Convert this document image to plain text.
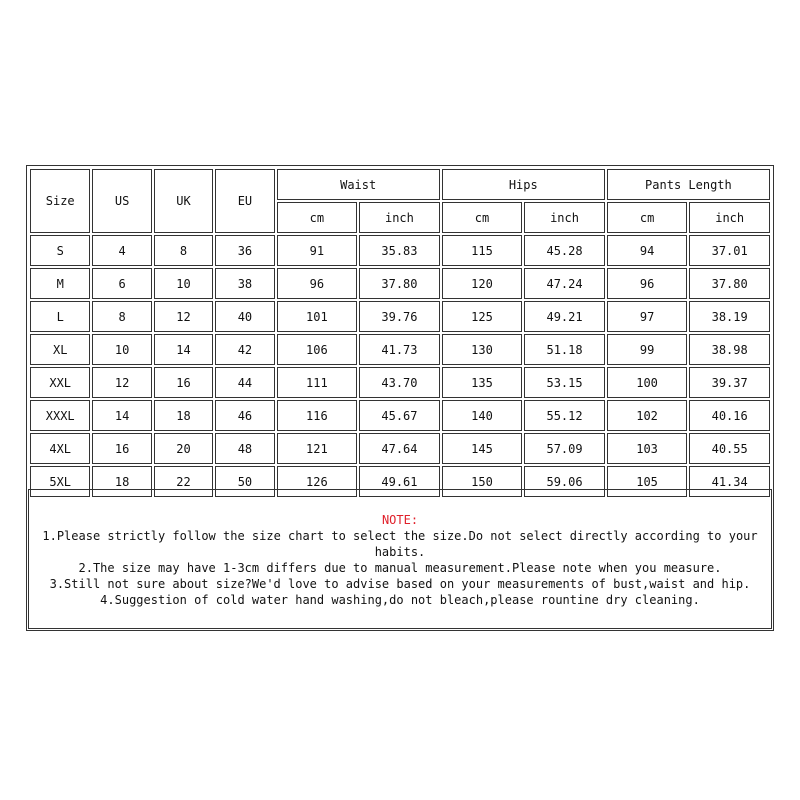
Size	US	UK	EU	Waist		Hips		Pants Length	
				cm	inch	cm	inch	cm	inch
S	4	8	36	91	35.83	115	45.28	94	37.01
M	6	10	38	96	37.80	120	47.24	96	37.80
L	8	12	40	101	39.76	125	49.21	97	38.19
XL	10	14	42	106	41.73	130	51.18	99	38.98
XXL	12	16	44	111	43.70	135	53.15	100	39.37
XXXL	14	18	46	116	45.67	140	55.12	102	40.16
4XL	16	20	48	121	47.64	145	57.09	103	40.55
5XL	18	22	50	126	49.61	150	59.06	105	41.34
NOTE:
1.Please strictly follow the size chart to select the size.Do not select directly according to your habits.
2.The size may have 1-3cm differs due to manual measurement.Please note when you measure.
3.Still not sure about size?We'd love to advise based on your measurements of bust,waist and hip.
4.Suggestion of cold water hand washing,do not bleach,please rountine dry cleaning.
